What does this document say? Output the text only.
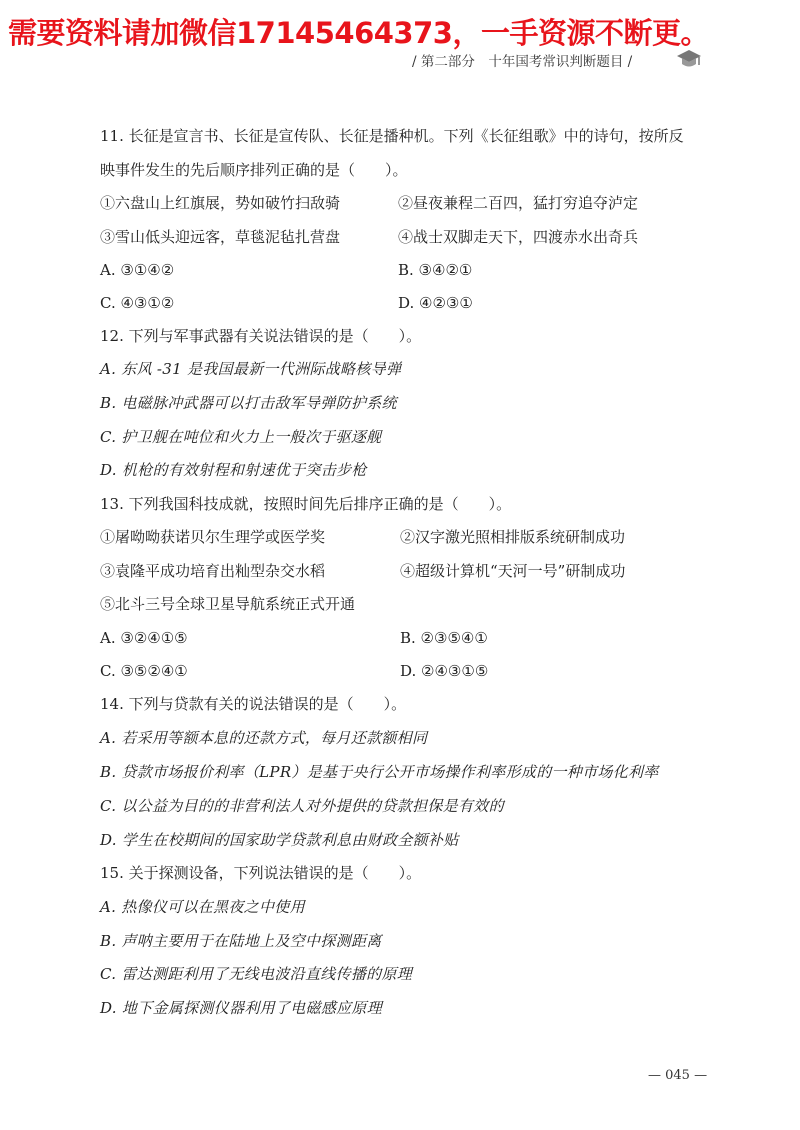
需要资料请加微信17145464373，一手资源不断更。
/ 第二部分　十年国考常识判断题目 /
11. 长征是宣言书、长征是宣传队、长征是播种机。下列《长征组歌》中的诗句，按所反
映事件发生的先后顺序排列正确的是（　　）。
①六盘山上红旗展，势如破竹扫敌骑	②昼夜兼程二百四，猛打穷追夺泸定
③雪山低头迎远客，草毯泥毡扎营盘	④战士双脚走天下，四渡赤水出奇兵
A. ③①④②	B. ③④②①
C. ④③①②	D. ④②③①
12. 下列与军事武器有关说法错误的是（　　）。
A. 东风 -31 是我国最新一代洲际战略核导弹
B. 电磁脉冲武器可以打击敌军导弹防护系统
C. 护卫舰在吨位和火力上一般次于驱逐舰
D. 机枪的有效射程和射速优于突击步枪
13. 下列我国科技成就，按照时间先后排序正确的是（　　）。
①屠呦呦获诺贝尔生理学或医学奖	②汉字激光照相排版系统研制成功
③袁隆平成功培育出籼型杂交水稻	④超级计算机“天河一号”研制成功
⑤北斗三号全球卫星导航系统正式开通
A. ③②④①⑤	B. ②③⑤④①
C. ③⑤②④①	D. ②④③①⑤
14. 下列与贷款有关的说法错误的是（　　）。
A. 若采用等额本息的还款方式，每月还款额相同
B. 贷款市场报价利率（LPR）是基于央行公开市场操作利率形成的一种市场化利率
C. 以公益为目的的非营利法人对外提供的贷款担保是有效的
D. 学生在校期间的国家助学贷款利息由财政全额补贴
15. 关于探测设备，下列说法错误的是（　　）。
A. 热像仪可以在黑夜之中使用
B. 声呐主要用于在陆地上及空中探测距离
C. 雷达测距利用了无线电波沿直线传播的原理
D. 地下金属探测仪器利用了电磁感应原理
— 045 —
